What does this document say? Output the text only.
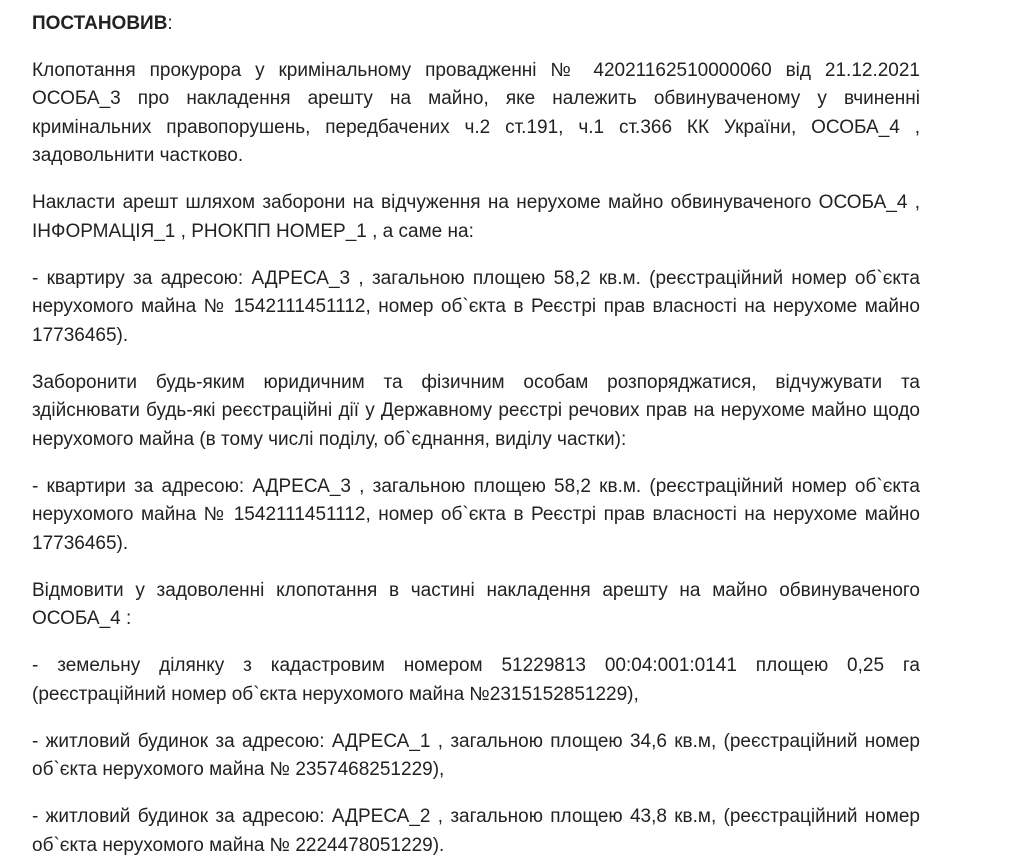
ПОСТАНОВИВ:

Клопотання прокурора у кримінальному провадженні № 42021162510000060 від 21.12.2021 ОСОБА_3 про накладення арешту на майно, яке належить обвинуваченому у вчиненні кримінальних правопорушень, передбачених ч.2 ст.191, ч.1 ст.366 КК України, ОСОБА_4 , задовольнити частково.

Накласти арешт шляхом заборони на відчуження на нерухоме майно обвинуваченого ОСОБА_4 , ІНФОРМАЦІЯ_1 , РНОКПП НОМЕР_1 , а саме на:

- квартиру за адресою: АДРЕСА_3 , загальною площею 58,2 кв.м. (реєстраційний номер об`єкта нерухомого майна № 1542111451112, номер об`єкта в Реєстрі прав власності на нерухоме майно 17736465).

Заборонити будь-яким юридичним та фізичним особам розпоряджатися, відчужувати та здійснювати будь-які реєстраційні дії у Державному реєстрі речових прав на нерухоме майно щодо нерухомого майна (в тому числі поділу, об`єднання, виділу частки):

- квартири за адресою: АДРЕСА_3 , загальною площею 58,2 кв.м. (реєстраційний номер об`єкта нерухомого майна № 1542111451112, номер об`єкта в Реєстрі прав власності на нерухоме майно 17736465).

Відмовити у задоволенні клопотання в частині накладення арешту на майно обвинуваченого ОСОБА_4 :

- земельну ділянку з кадастровим номером 51229813 00:04:001:0141 площею 0,25 га (реєстраційний номер об`єкта нерухомого майна №2315152851229),

- житловий будинок за адресою: АДРЕСА_1 , загальною площею 34,6 кв.м, (реєстраційний номер об`єкта нерухомого майна № 2357468251229),

- житловий будинок за адресою: АДРЕСА_2 , загальною площею 43,8 кв.м, (реєстраційний номер об`єкта нерухомого майна № 2224478051229).
